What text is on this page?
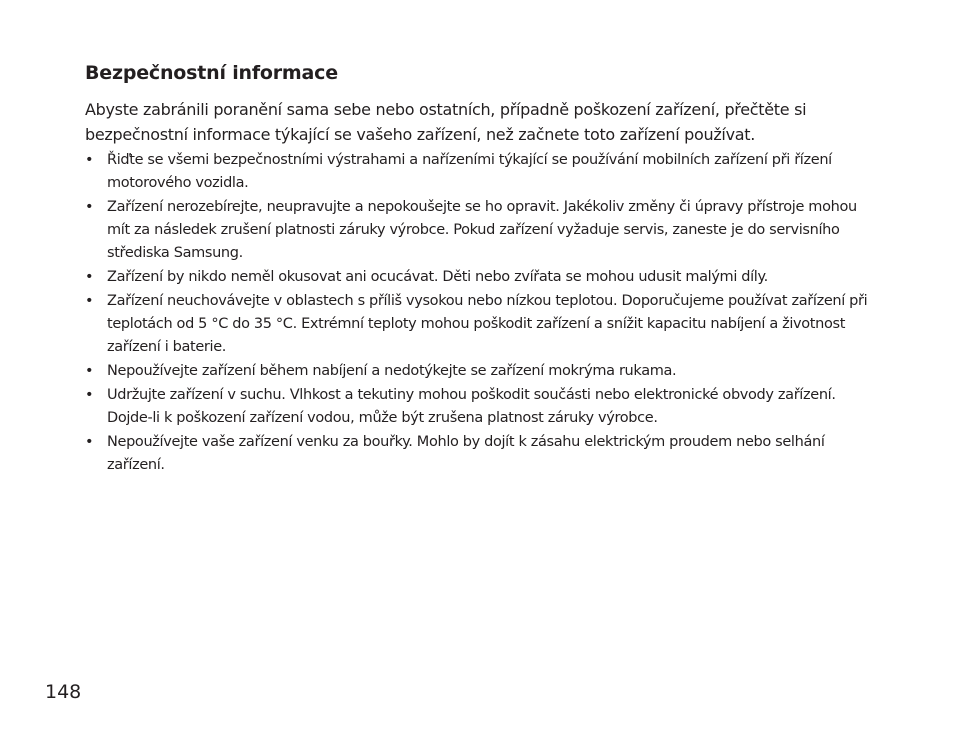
Bezpečnostní informace

Abyste zabránili poranění sama sebe nebo ostatních, případně poškození zařízení, přečtěte si bezpečnostní informace týkající se vašeho zařízení, než začnete toto zařízení používat.

• Řiďte se všemi bezpečnostními výstrahami a nařízeními týkající se používání mobilních zařízení při řízení motorového vozidla.
• Zařízení nerozebírejte, neupravujte a nepokoušejte se ho opravit. Jakékoliv změny či úpravy přístroje mohou mít za následek zrušení platnosti záruky výrobce. Pokud zařízení vyžaduje servis, zaneste je do servisního střediska Samsung.
• Zařízení by nikdo neměl okusovat ani ocucávat. Děti nebo zvířata se mohou udusit malými díly.
• Zařízení neuchovávejte v oblastech s příliš vysokou nebo nízkou teplotou. Doporučujeme používat zařízení při teplotách od 5 °C do 35 °C. Extrémní teploty mohou poškodit zařízení a snížit kapacitu nabíjení a životnost zařízení i baterie.
• Nepoužívejte zařízení během nabíjení a nedotýkejte se zařízení mokrýma rukama.
• Udržujte zařízení v suchu. Vlhkost a tekutiny mohou poškodit součásti nebo elektronické obvody zařízení. Dojde-li k poškození zařízení vodou, může být zrušena platnost záruky výrobce.
• Nepoužívejte vaše zařízení venku za bouřky. Mohlo by dojít k zásahu elektrickým proudem nebo selhání zařízení.
148
